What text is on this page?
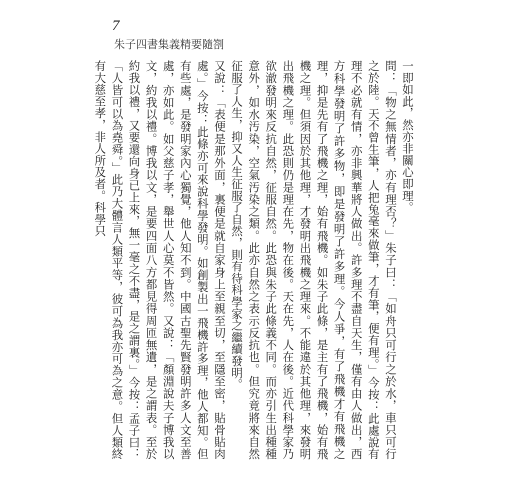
7
朱子四書集義精要隨劄

一即如此，然亦非關心即理。

問：「物之無情者，亦有理否？」朱子曰：「如舟只可行之於水，車只可行之於陸。天不曾生筆，人把兔毫來做筆，才有筆，便有理。」今按：此處說有理不必就有情，亦非興華將人做出。許多理不盡自天生，僅有由人做出，西方科學發明了許多物，即是發明了許多理。今人爭，有了飛機才有飛機之理，抑是先有了飛機之理，始有飛機。如朱子此條，是主有了飛機，始有飛機之理。但須因於其他理，才發明出飛機之理來。不能違於其他理，來發明出飛機之理。此恐則仍是理在先，物在後。天在先，人在後。近代科學家乃欲澈發明來反抗自然，征服自然。此恐與朱子此條義不同。而亦引生出種種意外，如水汚染，空氣汚染之類。此亦自然之表示反抗也。但究竟將來自然征服了人生，抑又人生征服了自然，則有待科學家之繼續發明。

又說：「表便是那外面，裏便是就自家身上至親至切，至隱至密，貼骨貼肉處。」今按：此條亦可來說科學發明。如創製出一飛機許多理，他人都知。但有些處，是發明家內心獨覺，他人知不到。中國古聖先賢發明許多人文至善處，亦如此。如父慈子孝，舉世人心莫不皆然。又說：「顏淵說夫子博我以文，約我以禮。博我以文，是要四面八方都見得周匝無遺，是之謂表。至於約我以禮，又要還向身已上來，無一毫之不盡，是之謂裏。」今按：孟子曰：「人皆可以為堯舜。」此乃大體言人類平等，彼可為我亦可為之意。但人類終有大慈至孝，非人所及者。科學只
